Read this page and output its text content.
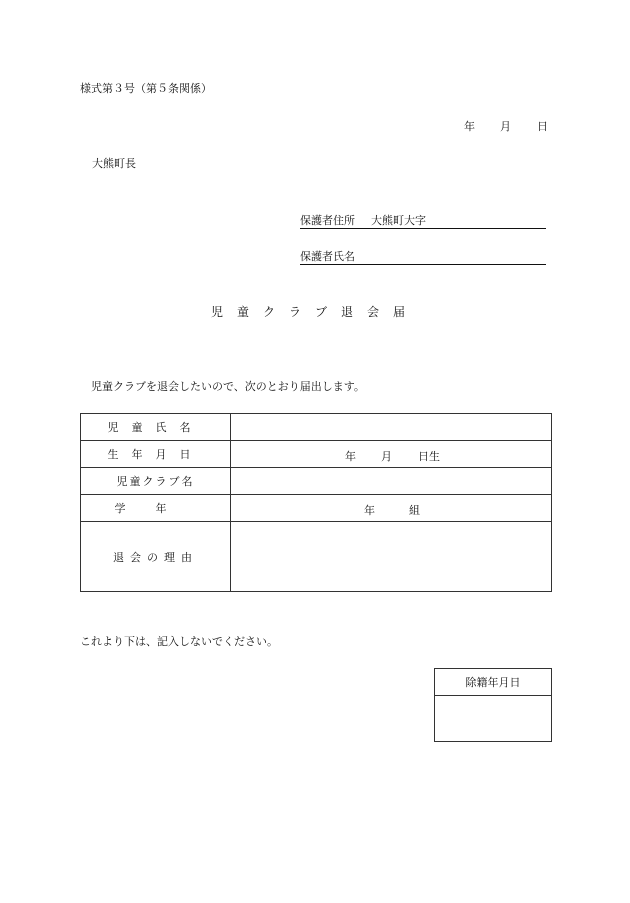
様式第３号（第５条関係）
年 月 日
大熊町長
保護者住所 大熊町大字
保護者氏名
児童クラブ退会届
児童クラブを退会したいので、次のとおり届出します。
児童氏名	
生年月日	年 月 日生

児童クラブ名	
学年	年 組

退会の理由	
これより下は、記入しないでください。
除籍年月日
